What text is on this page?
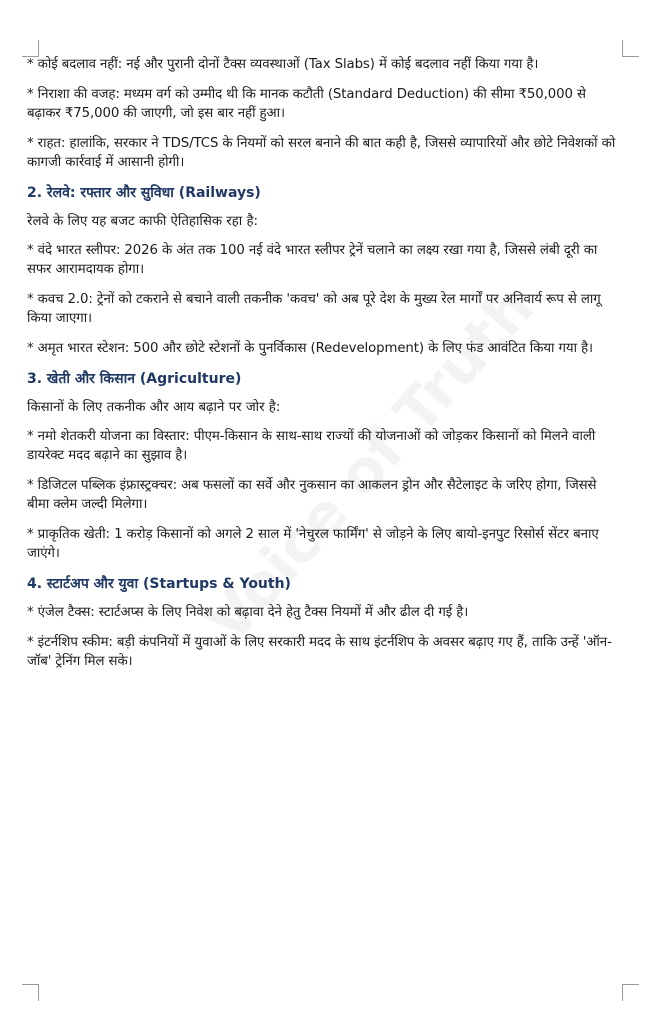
* कोई बदलाव नहीं: नई और पुरानी दोनों टैक्स व्यवस्थाओं (Tax Slabs) में कोई बदलाव नहीं किया गया है।

* निराशा की वजह: मध्यम वर्ग को उम्मीद थी कि मानक कटौती (Standard Deduction) की सीमा ₹50,000 से बढ़ाकर ₹75,000 की जाएगी, जो इस बार नहीं हुआ।

* राहत: हालांकि, सरकार ने TDS/TCS के नियमों को सरल बनाने की बात कही है, जिससे व्यापारियों और छोटे निवेशकों को कागजी कार्रवाई में आसानी होगी।

2. रेलवे: रफ्तार और सुविधा (Railways)

रेलवे के लिए यह बजट काफी ऐतिहासिक रहा है:

* वंदे भारत स्लीपर: 2026 के अंत तक 100 नई वंदे भारत स्लीपर ट्रेनें चलाने का लक्ष्य रखा गया है, जिससे लंबी दूरी का सफर आरामदायक होगा।

* कवच 2.0: ट्रेनों को टकराने से बचाने वाली तकनीक 'कवच' को अब पूरे देश के मुख्य रेल मार्गों पर अनिवार्य रूप से लागू किया जाएगा।

* अमृत भारत स्टेशन: 500 और छोटे स्टेशनों के पुनर्विकास (Redevelopment) के लिए फंड आवंटित किया गया है।

3. खेती और किसान (Agriculture)

किसानों के लिए तकनीक और आय बढ़ाने पर जोर है:

* नमो शेतकरी योजना का विस्तार: पीएम-किसान के साथ-साथ राज्यों की योजनाओं को जोड़कर किसानों को मिलने वाली डायरेक्ट मदद बढ़ाने का सुझाव है।

* डिजिटल पब्लिक इंफ्रास्ट्रक्चर: अब फसलों का सर्वे और नुकसान का आकलन ड्रोन और सैटेलाइट के जरिए होगा, जिससे बीमा क्लेम जल्दी मिलेगा।

* प्राकृतिक खेती: 1 करोड़ किसानों को अगले 2 साल में 'नेचुरल फार्मिंग' से जोड़ने के लिए बायो-इनपुट रिसोर्स सेंटर बनाए जाएंगे।

4. स्टार्टअप और युवा (Startups & Youth)

* एंजेल टैक्स: स्टार्टअप्स के लिए निवेश को बढ़ावा देने हेतु टैक्स नियमों में और ढील दी गई है।

* इंटर्नशिप स्कीम: बड़ी कंपनियों में युवाओं के लिए सरकारी मदद के साथ इंटर्नशिप के अवसर बढ़ाए गए हैं, ताकि उन्हें 'ऑन-जॉब' ट्रेनिंग मिल सके।
